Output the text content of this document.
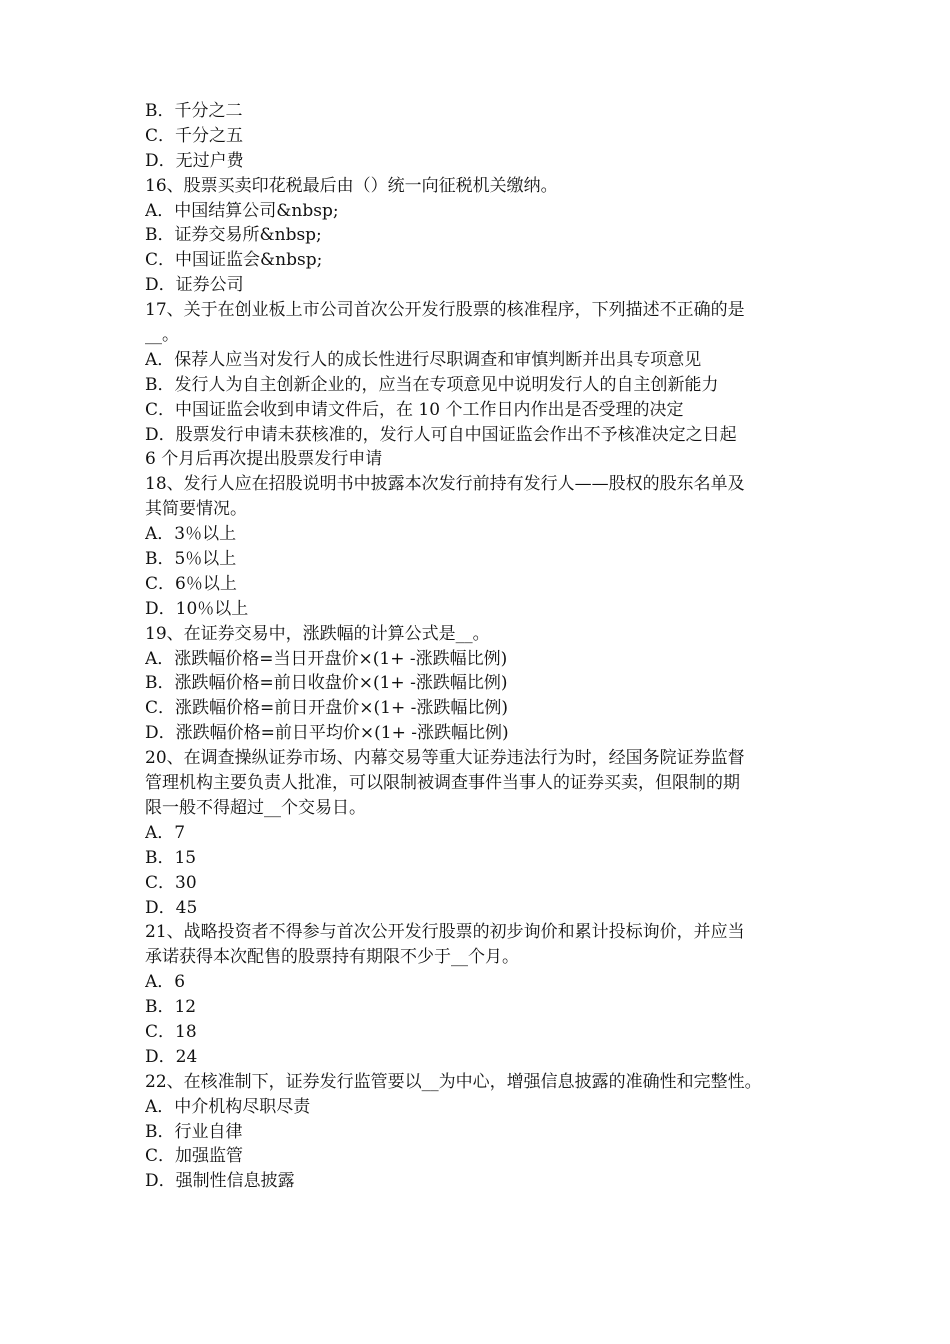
B．千分之二
C．千分之五
D．无过户费
16、股票买卖印花税最后由（）统一向征税机关缴纳。
A．中国结算公司&nbsp;
B．证券交易所&nbsp;
C．中国证监会&nbsp;
D．证券公司
17、关于在创业板上市公司首次公开发行股票的核准程序，下列描述不正确的是
__。
A．保荐人应当对发行人的成长性进行尽职调查和审慎判断并出具专项意见
B．发行人为自主创新企业的，应当在专项意见中说明发行人的自主创新能力
C．中国证监会收到申请文件后，在 10 个工作日内作出是否受理的决定
D．股票发行申请未获核准的，发行人可自中国证监会作出不予核准决定之日起
6 个月后再次提出股票发行申请
18、发行人应在招股说明书中披露本次发行前持有发行人——股权的股东名单及
其简要情况。
A．3％以上
B．5％以上
C．6％以上
D．10％以上
19、在证券交易中，涨跌幅的计算公式是__。
A．涨跌幅价格=当日开盘价×(1+ -涨跌幅比例)
B．涨跌幅价格=前日收盘价×(1+ -涨跌幅比例)
C．涨跌幅价格=前日开盘价×(1+ -涨跌幅比例)
D．涨跌幅价格=前日平均价×(1+ -涨跌幅比例)
20、在调查操纵证券市场、内幕交易等重大证券违法行为时，经国务院证券监督
管理机构主要负责人批准，可以限制被调查事件当事人的证券买卖，但限制的期
限一般不得超过__个交易日。
A．7
B．15
C．30
D．45
21、战略投资者不得参与首次公开发行股票的初步询价和累计投标询价，并应当
承诺获得本次配售的股票持有期限不少于__个月。
A．6
B．12
C．18
D．24
22、在核准制下，证券发行监管要以__为中心，增强信息披露的准确性和完整性。
A．中介机构尽职尽责
B．行业自律
C．加强监管
D．强制性信息披露
